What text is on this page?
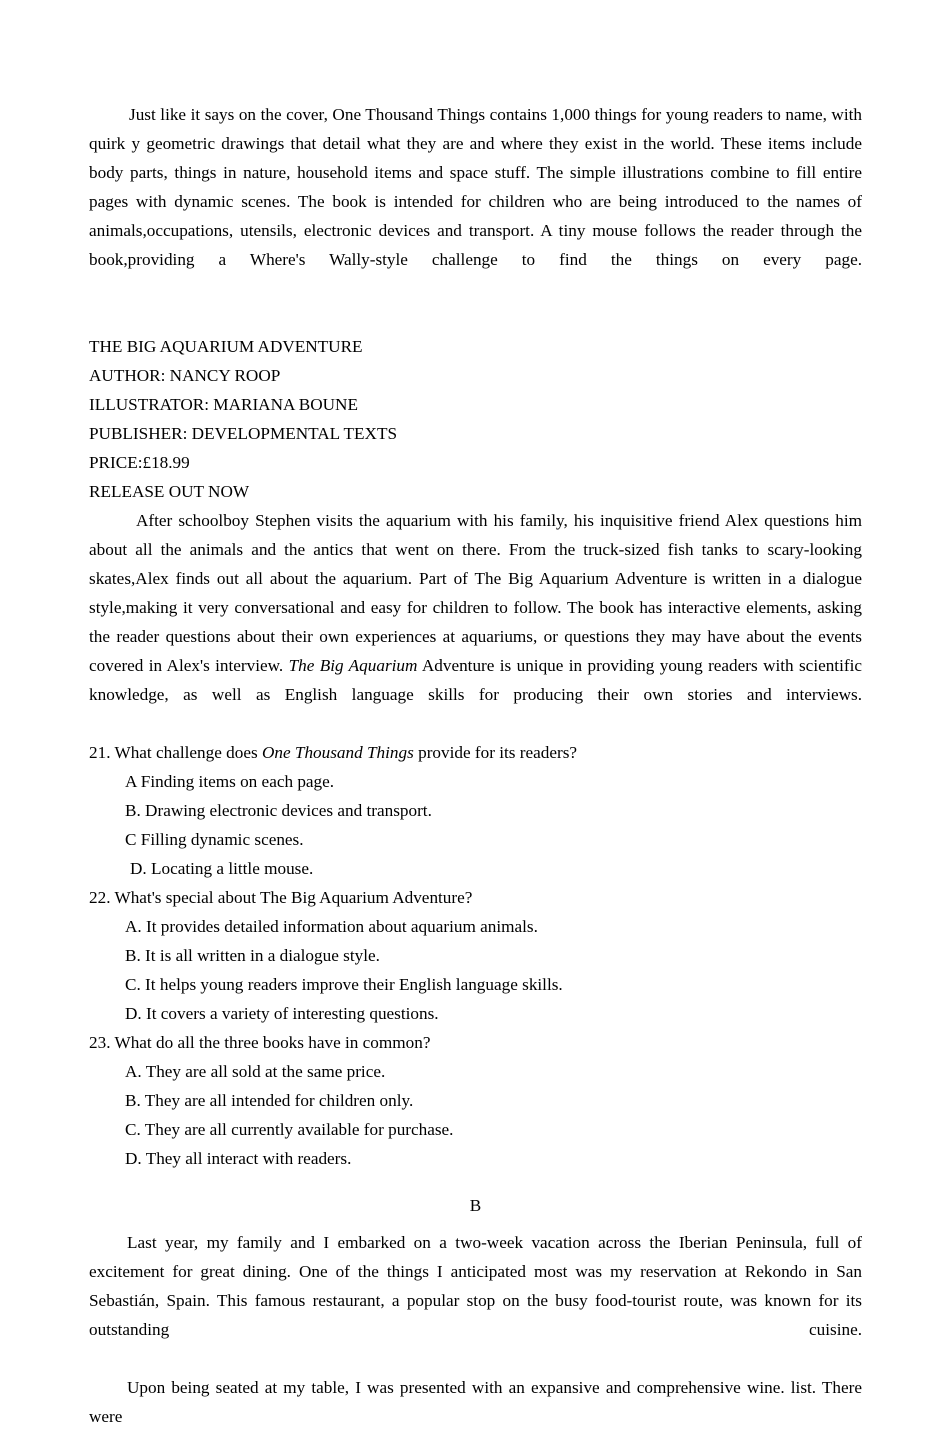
Just like it says on the cover, One Thousand Things contains 1,000 things for young readers to name, with quirk y geometric drawings that detail what they are and where they exist in the world. These items include body parts, things in nature, household items and space stuff. The simple illustrations combine to fill entire pages with dynamic scenes. The book is intended for children who are being introduced to the names of animals,occupations, utensils, electronic devices and transport. A tiny mouse follows the reader through the book,providing a Where's Wally-style challenge to find the things on every page.

THE BIG AQUARIUM ADVENTURE

AUTHOR: NANCY ROOP

ILLUSTRATOR: MARIANA BOUNE

PUBLISHER: DEVELOPMENTAL TEXTS

PRICE:£18.99

RELEASE OUT NOW

After schoolboy Stephen visits the aquarium with his family, his inquisitive friend Alex questions him about all the animals and the antics that went on there. From the truck-sized fish tanks to scary-looking skates,Alex finds out all about the aquarium. Part of The Big Aquarium Adventure is written in a dialogue style,making it very conversational and easy for children to follow. The book has interactive elements, asking the reader questions about their own experiences at aquariums, or questions they may have about the events covered in Alex's interview. The Big Aquarium Adventure is unique in providing young readers with scientific knowledge, as well as English language skills for producing their own stories and interviews.

21. What challenge does One Thousand Things provide for its readers?

A Finding items on each page.

B. Drawing electronic devices and transport.

C Filling dynamic scenes.

D. Locating a little mouse.

22. What's special about The Big Aquarium Adventure?

A. It provides detailed information about aquarium animals.

B. It is all written in a dialogue style.

C. It helps young readers improve their English language skills.

D. It covers a variety of interesting questions.

23. What do all the three books have in common?

A. They are all sold at the same price.

B. They are all intended for children only.

C. They are all currently available for purchase.

D. They all interact with readers.

B

Last year, my family and I embarked on a two-week vacation across the Iberian Peninsula, full of excitement for great dining. One of the things I anticipated most was my reservation at Rekondo in San Sebastián, Spain. This famous restaurant, a popular stop on the busy food-tourist route, was known for its outstanding cuisine.

Upon being seated at my table, I was presented with an expansive and comprehensive wine. list. There were
